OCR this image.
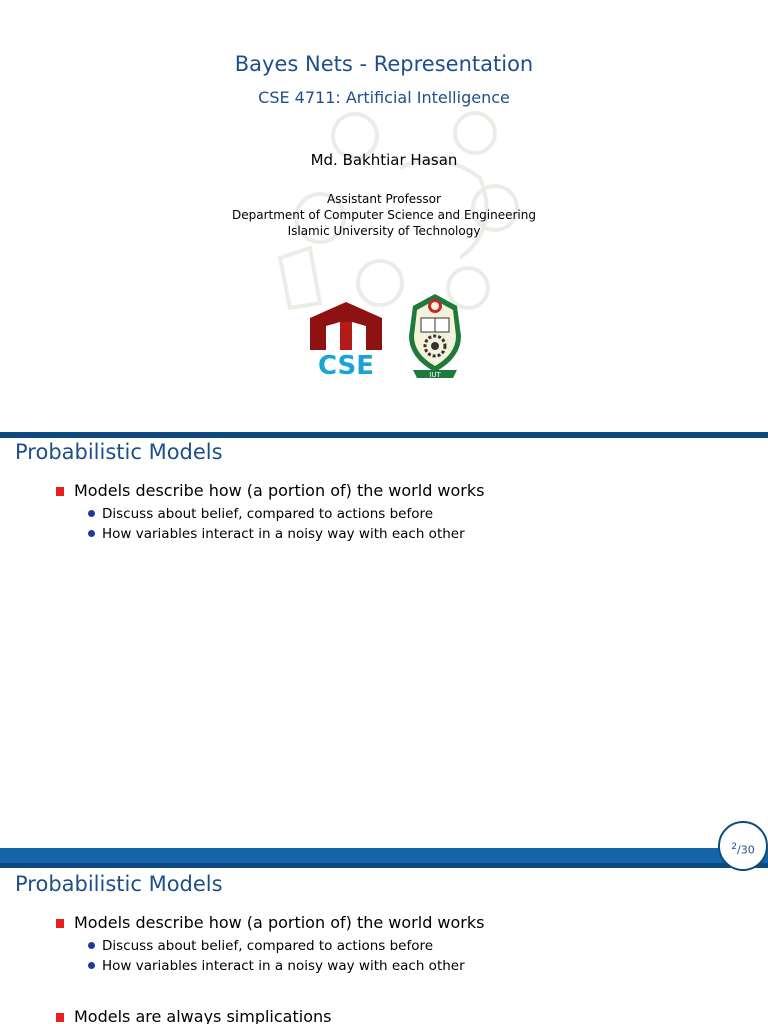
Bayes Nets - Representation
CSE 4711: Artificial Intelligence
Md. Bakhtiar Hasan
Assistant Professor
Department of Computer Science and Engineering
Islamic University of Technology
CSE	IUT
Probabilistic Models
Models describe how (a portion of) the world works
Discuss about belief, compared to actions before
How variables interact in a noisy way with each other
Probabilistic Models
Models describe how (a portion of) the world works
Discuss about belief, compared to actions before
How variables interact in a noisy way with each other
Models are always simplications
$^2$/30
